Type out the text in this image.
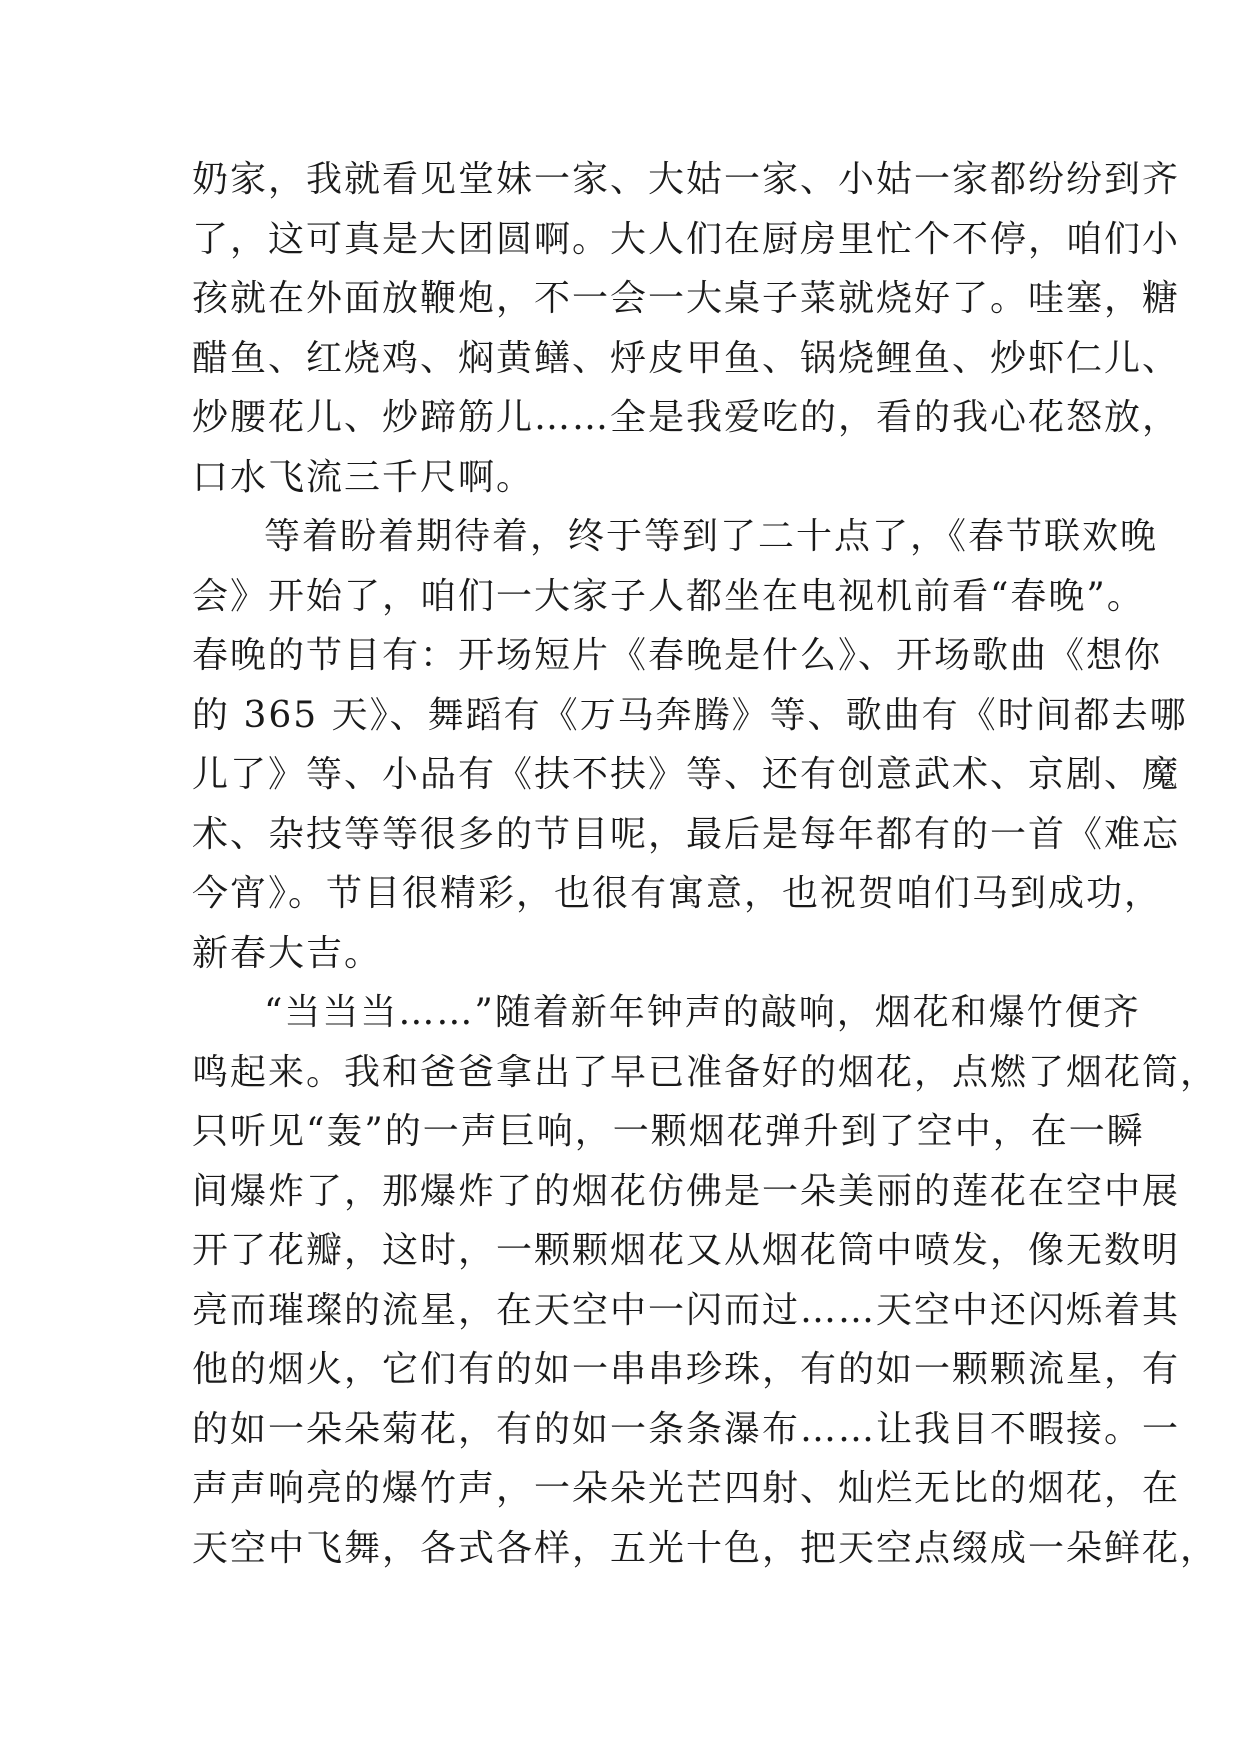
奶家，我就看见堂妹一家、大姑一家、小姑一家都纷纷到齐
了，这可真是大团圆啊。大人们在厨房里忙个不停，咱们小
孩就在外面放鞭炮，不一会一大桌子菜就烧好了。哇塞，糖
醋鱼、红烧鸡、焖黄鳝、烀皮甲鱼、锅烧鲤鱼、炒虾仁儿、
炒腰花儿、炒蹄筋儿……全是我爱吃的，看的我心花怒放，
口水飞流三千尺啊。
等着盼着期待着，终于等到了二十点了，《春节联欢晚
会》开始了，咱们一大家子人都坐在电视机前看“春晚”。
春晚的节目有：开场短片《春晚是什么》、开场歌曲《想你
的 365 天》、舞蹈有《万马奔腾》等、歌曲有《时间都去哪
儿了》等、小品有《扶不扶》等、还有创意武术、京剧、魔
术、杂技等等很多的节目呢，最后是每年都有的一首《难忘
今宵》。节目很精彩，也很有寓意，也祝贺咱们马到成功，
新春大吉。
“当当当……”随着新年钟声的敲响，烟花和爆竹便齐
鸣起来。我和爸爸拿出了早已准备好的烟花，点燃了烟花筒，
只听见“轰”的一声巨响，一颗烟花弹升到了空中，在一瞬
间爆炸了，那爆炸了的烟花仿佛是一朵美丽的莲花在空中展
开了花瓣，这时，一颗颗烟花又从烟花筒中喷发，像无数明
亮而璀璨的流星，在天空中一闪而过……天空中还闪烁着其
他的烟火，它们有的如一串串珍珠，有的如一颗颗流星，有
的如一朵朵菊花，有的如一条条瀑布……让我目不暇接。一
声声响亮的爆竹声，一朵朵光芒四射、灿烂无比的烟花，在
天空中飞舞，各式各样，五光十色，把天空点缀成一朵鲜花，
